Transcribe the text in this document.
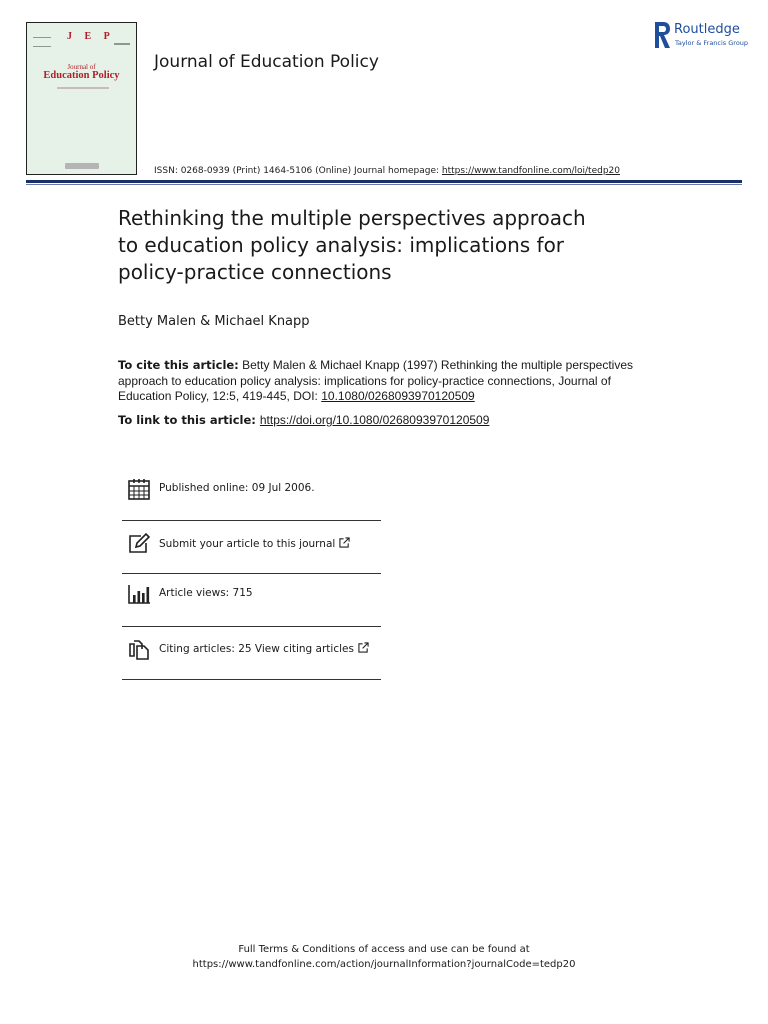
J E P
Journal of
Education Policy
Journal of Education Policy
ISSN: 0268-0939 (Print) 1464-5106 (Online) Journal homepage: https://www.tandfonline.com/loi/tedp20
Routledge
Taylor & Francis Group
Rethinking the multiple perspectives approach
to education policy analysis: implications for
policy-practice connections
Betty Malen & Michael Knapp
To cite this article: Betty Malen & Michael Knapp (1997) Rethinking the multiple perspectives approach to education policy analysis: implications for policy-practice connections, Journal of Education Policy, 12:5, 419-445, DOI: 10.1080/0268093970120509
To link to this article: https://doi.org/10.1080/0268093970120509
Published online: 09 Jul 2006.
Submit your article to this journal
Article views: 715
Citing articles: 25 View citing articles
Full Terms & Conditions of access and use can be found at
https://www.tandfonline.com/action/journalInformation?journalCode=tedp20
